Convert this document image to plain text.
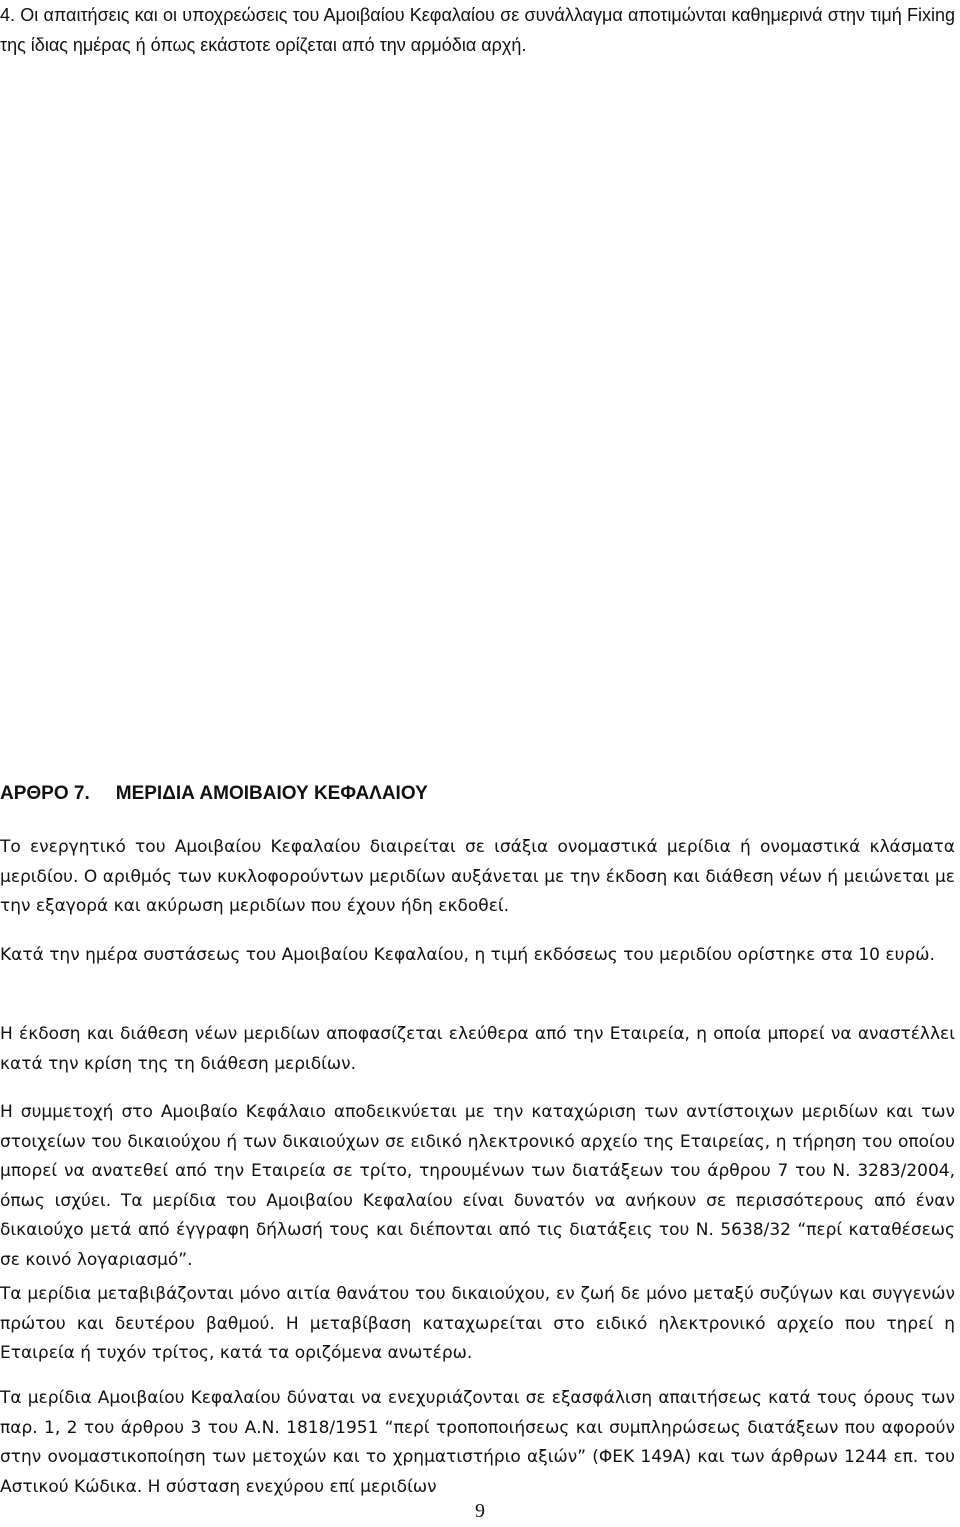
4. Οι απαιτήσεις και οι υποχρεώσεις του Αμοιβαίου Κεφαλαίου σε συνάλλαγμα αποτιμώνται καθημερινά στην τιμή Fixing της ίδιας ημέρας ή όπως εκάστοτε ορίζεται από την αρμόδια αρχή.

ΑΡΘΡΟ 7. ΜΕΡΙΔΙΑ ΑΜΟΙΒΑΙΟΥ ΚΕΦΑΛΑΙΟΥ

Το ενεργητικό του Αμοιβαίου Κεφαλαίου διαιρείται σε ισάξια ονομαστικά μερίδια ή ονομαστικά κλάσματα μεριδίου. Ο αριθμός των κυκλοφορούντων μεριδίων αυξάνεται με την έκδοση και διάθεση νέων ή μειώνεται με την εξαγορά και ακύρωση μεριδίων που έχουν ήδη εκδοθεί.

Κατά την ημέρα συστάσεως του Αμοιβαίου Κεφαλαίου, η τιμή εκδόσεως του μεριδίου ορίστηκε στα 10 ευρώ.

Η έκδοση και διάθεση νέων μεριδίων αποφασίζεται ελεύθερα από την Εταιρεία, η οποία μπορεί να αναστέλλει κατά την κρίση της τη διάθεση μεριδίων.

Η συμμετοχή στο Αμοιβαίο Κεφάλαιο αποδεικνύεται με την καταχώριση των αντίστοιχων μεριδίων και των στοιχείων του δικαιούχου ή των δικαιούχων σε ειδικό ηλεκτρονικό αρχείο της Εταιρείας, η τήρηση του οποίου μπορεί να ανατεθεί από την Εταιρεία σε τρίτο, τηρουμένων των διατάξεων του άρθρου 7 του Ν. 3283/2004, όπως ισχύει. Τα μερίδια του Αμοιβαίου Κεφαλαίου είναι δυνατόν να ανήκουν σε περισσότερους από έναν δικαιούχο μετά από έγγραφη δήλωσή τους και διέπονται από τις διατάξεις του Ν. 5638/32 “περί καταθέσεως σε κοινό λογαριασμό”.

Τα μερίδια μεταβιβάζονται μόνο αιτία θανάτου του δικαιούχου, εν ζωή δε μόνο μεταξύ συζύγων και συγγενών πρώτου και δευτέρου βαθμού. Η μεταβίβαση καταχωρείται στο ειδικό ηλεκτρονικό αρχείο που τηρεί η Εταιρεία ή τυχόν τρίτος, κατά τα οριζόμενα ανωτέρω.

Τα μερίδια Αμοιβαίου Κεφαλαίου δύναται να ενεχυριάζονται σε εξασφάλιση απαιτήσεως κατά τους όρους των παρ. 1, 2 του άρθρου 3 του Α.Ν. 1818/1951 “περί τροποποιήσεως και συμπληρώσεως διατάξεων που αφορούν στην ονομαστικοποίηση των μετοχών και το χρηματιστήριο αξιών” (ΦΕΚ 149Α) και των άρθρων 1244 επ. του Αστικού Κώδικα. Η σύσταση ενεχύρου επί μεριδίων

9
